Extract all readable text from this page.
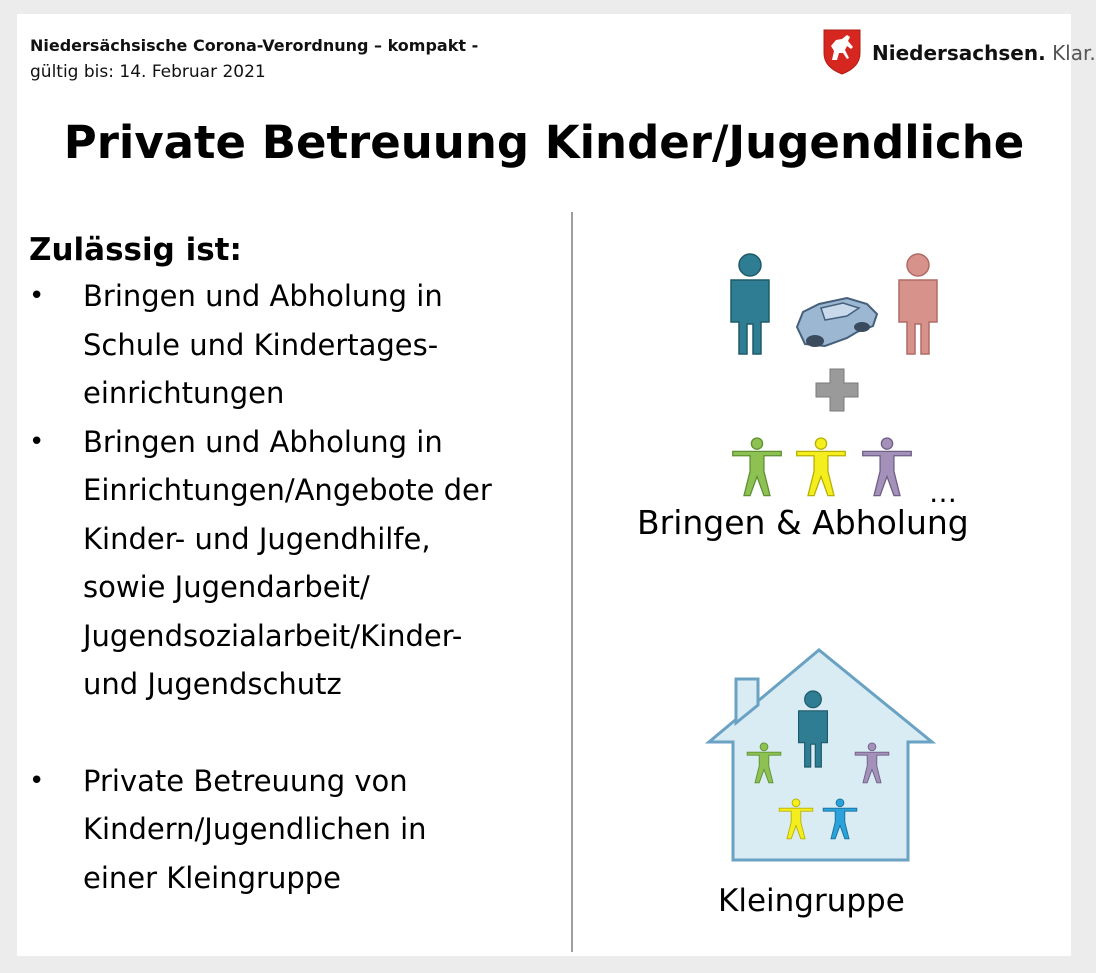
Niedersächsische Corona-Verordnung – kompakt -
gültig bis: 14. Februar 2021
Niedersachsen. Klar.
Private Betreuung Kinder/Jugendliche

Zulässig ist:

• Bringen und Abholung in
Schule und Kindertages-
einrichtungen
• Bringen und Abholung in
Einrichtungen/Angebote der
Kinder- und Jugendhilfe,
sowie Jugendarbeit/
Jugendsozialarbeit/Kinder-
und Jugendschutz
• Private Betreuung von
Kindern/Jugendlichen in
einer Kleingruppe
…
Bringen & Abholung
Kleingruppe
